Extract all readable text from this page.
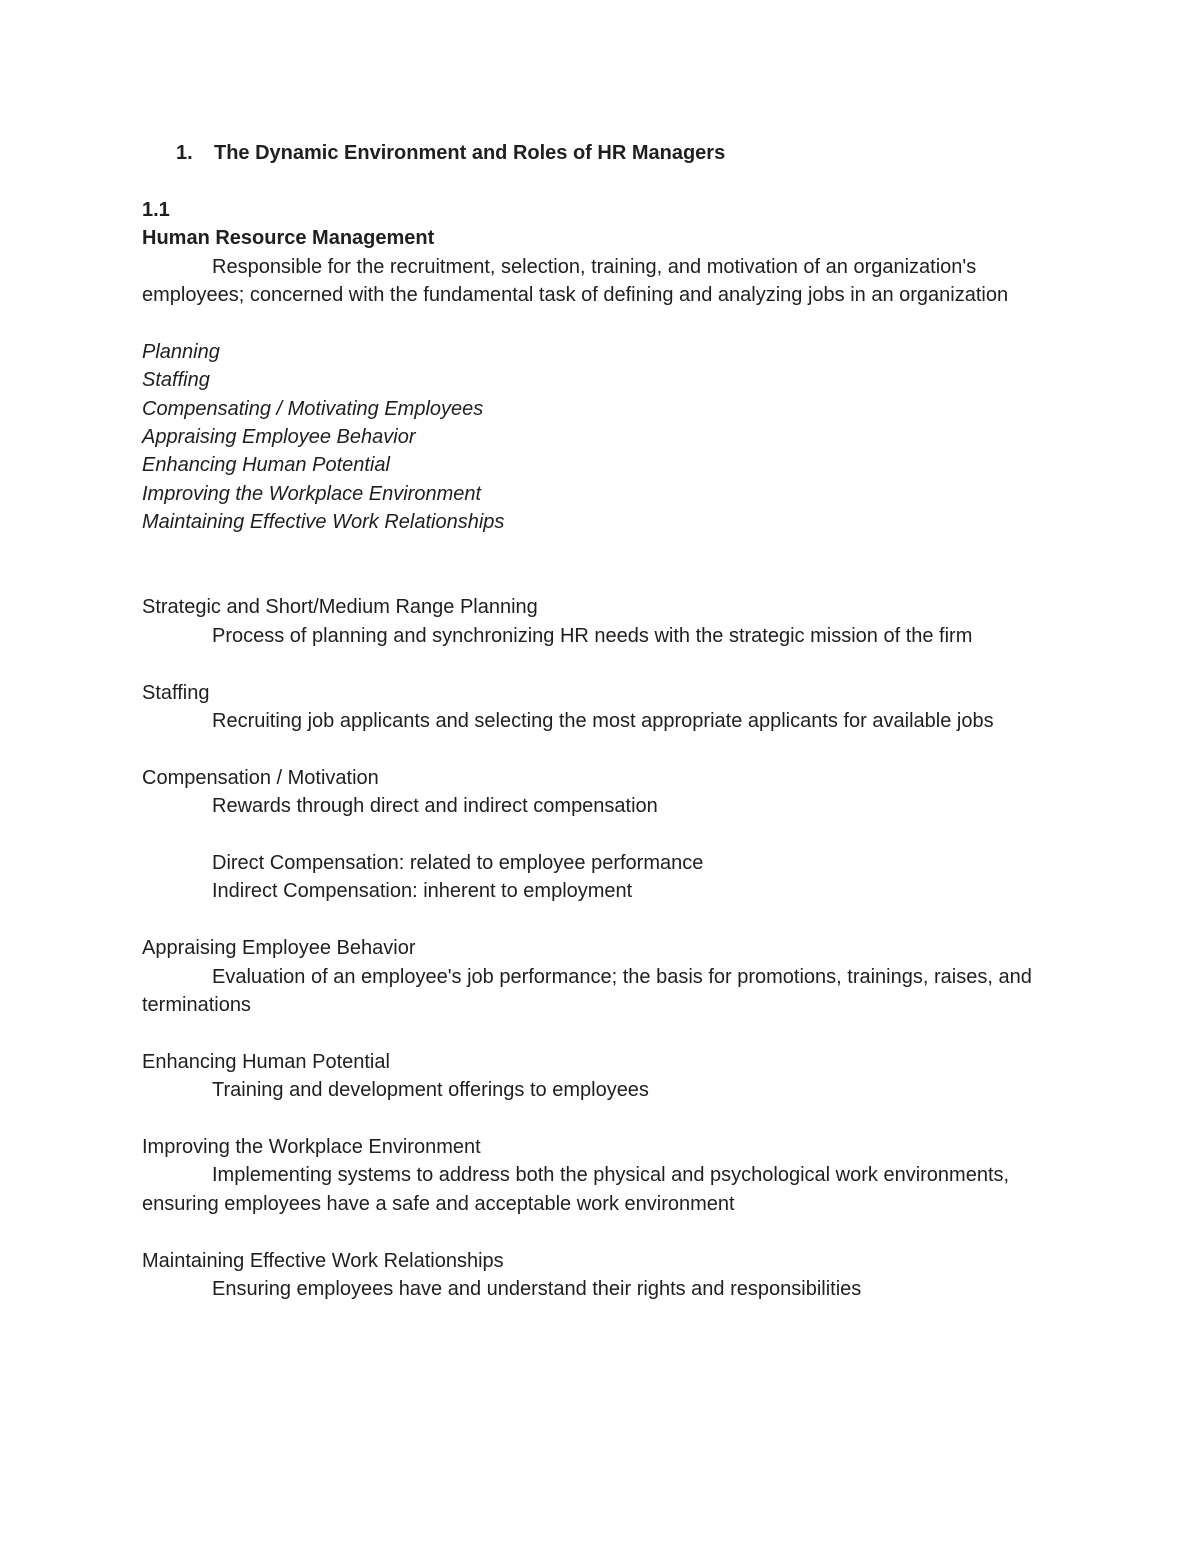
1.	The Dynamic Environment and Roles of HR Managers

1.1

Human Resource Management

Responsible for the recruitment, selection, training, and motivation of an organization's employees; concerned with the fundamental task of defining and analyzing jobs in an organization

Planning
Staffing
Compensating / Motivating Employees
Appraising Employee Behavior
Enhancing Human Potential
Improving the Workplace Environment
Maintaining Effective Work Relationships

Strategic and Short/Medium Range Planning

Process of planning and synchronizing HR needs with the strategic mission of the firm

Staffing

Recruiting job applicants and selecting the most appropriate applicants for available jobs

Compensation / Motivation

Rewards through direct and indirect compensation

Direct Compensation: related to employee performance

Indirect Compensation: inherent to employment

Appraising Employee Behavior

Evaluation of an employee's job performance; the basis for promotions, trainings, raises, and terminations

Enhancing Human Potential

Training and development offerings to employees

Improving the Workplace Environment

Implementing systems to address both the physical and psychological work environments, ensuring employees have a safe and acceptable work environment

Maintaining Effective Work Relationships

Ensuring employees have and understand their rights and responsibilities
